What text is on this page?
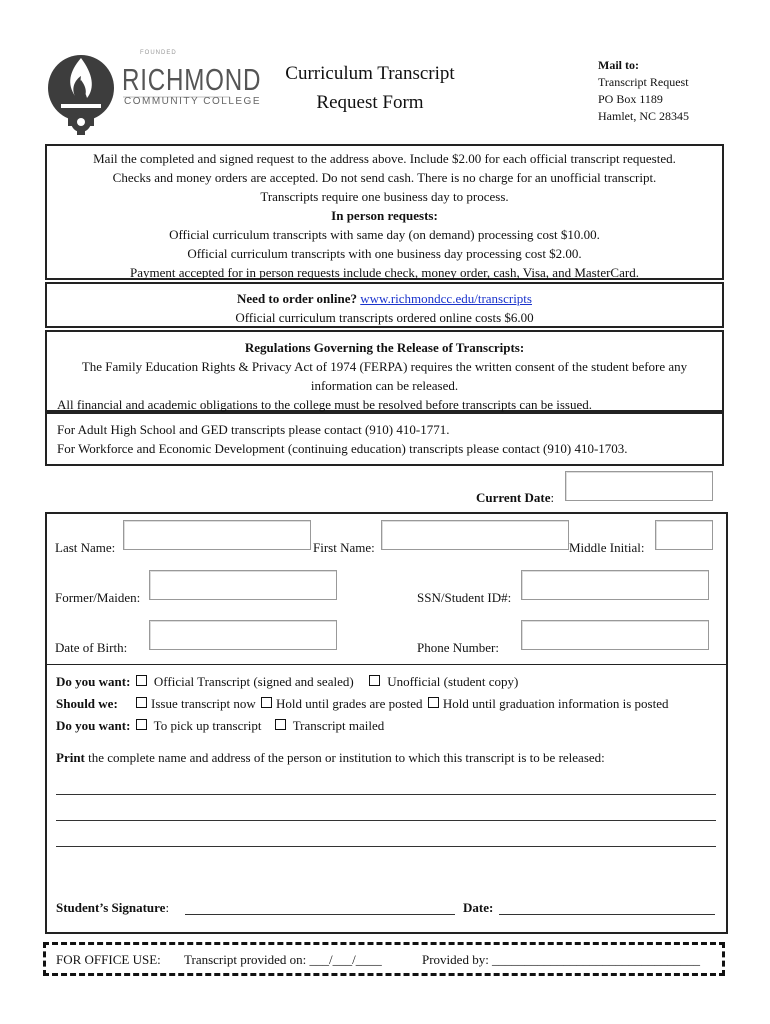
FOUNDED
RICHMOND
COMMUNITY COLLEGE
Curriculum Transcript
Request Form
Mail to:
Transcript Request
PO Box 1189
Hamlet, NC 28345
Mail the completed and signed request to the address above. Include $2.00 for each official transcript requested.
Checks and money orders are accepted. Do not send cash. There is no charge for an unofficial transcript.
Transcripts require one business day to process.
In person requests:
Official curriculum transcripts with same day (on demand) processing cost $10.00.
Official curriculum transcripts with one business day processing cost $2.00.
Payment accepted for in person requests include check, money order, cash, Visa, and MasterCard.
Need to order online? www.richmondcc.edu/transcripts
Official curriculum transcripts ordered online costs $6.00
Regulations Governing the Release of Transcripts:
The Family Education Rights & Privacy Act of 1974 (FERPA) requires the written consent of the student before any
information can be released.
All financial and academic obligations to the college must be resolved before transcripts can be issued.
For Adult High School and GED transcripts please contact (910) 410-1771.
For Workforce and Economic Development (continuing education) transcripts please contact (910) 410-1703.
Current Date:
Last Name:	First Name:	Middle Initial:
Former/Maiden:	SSN/Student ID#:
Date of Birth:	Phone Number:
Do you want: Official Transcript (signed and sealed)	Unofficial (student copy)
Should we:	Issue transcript now Hold until grades are posted Hold until graduation information is posted
Do you want: To pick up transcript Transcript mailed
Print the complete name and address of the person or institution to which this transcript is to be released:
Student’s Signature:	Date:
FOR OFFICE USE: Transcript provided on: ___/___/____	Provided by: ________________________________
